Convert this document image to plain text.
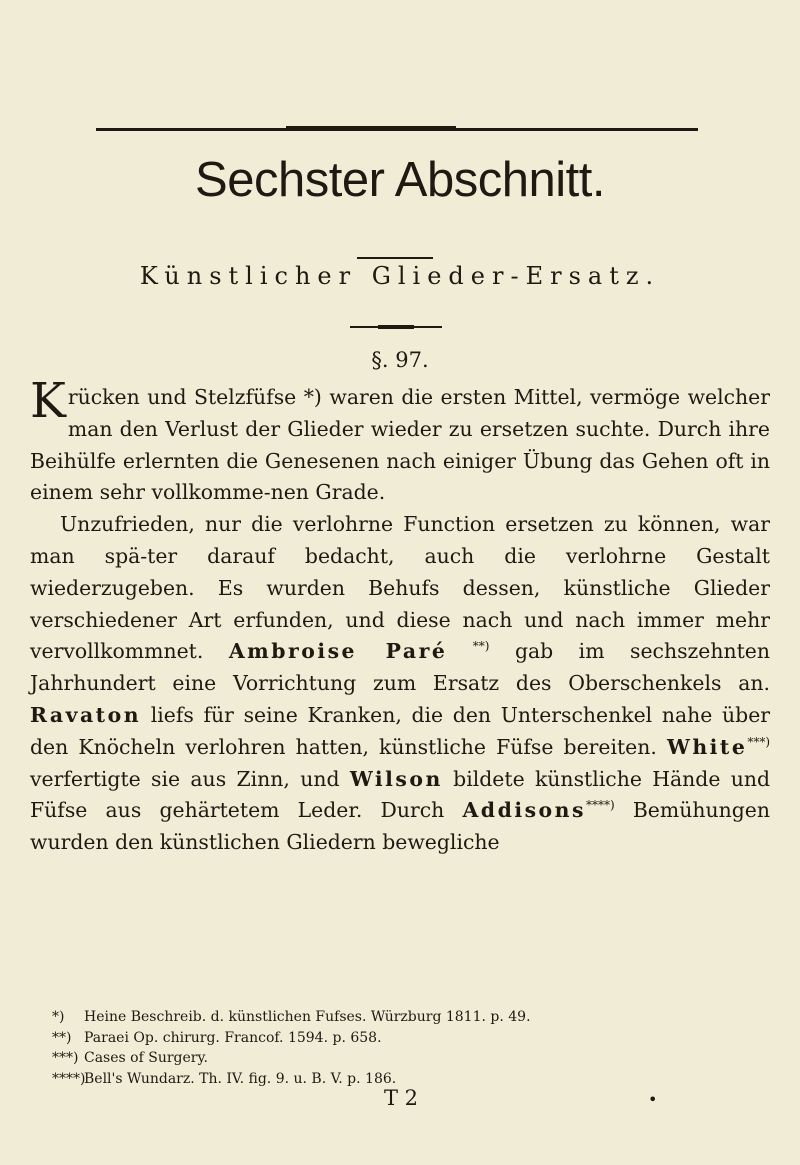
Sechster Abschnitt.
Künstlicher Glieder-Ersatz.
§. 97.

Krücken und Stelzfüfse *) waren die ersten Mittel, vermöge welcher man den Verlust der Glieder wieder zu ersetzen suchte. Durch ihre Beihülfe erlernten die Genesenen nach einiger Übung das Gehen oft in einem sehr vollkomme-nen Grade.

Unzufrieden, nur die verlohrne Function ersetzen zu können, war man spä-ter darauf bedacht, auch die verlohrne Gestalt wiederzugeben. Es wurden Behufs dessen, künstliche Glieder verschiedener Art erfunden, und diese nach und nach immer mehr vervollkommnet. Ambroise Paré **) gab im sechszehnten Jahrhundert eine Vorrichtung zum Ersatz des Oberschenkels an. Ravaton liefs für seine Kranken, die den Unterschenkel nahe über den Knöcheln verlohren hatten, künstliche Füfse bereiten. White***) verfertigte sie aus Zinn, und Wilson bildete künstliche Hände und Füfse aus gehärtetem Leder. Durch Addisons****) Bemühungen wurden den künstlichen Gliedern bewegliche

*) Heine Beschreib. d. künstlichen Fufses. Würzburg 1811. p. 49.
**) Paraei Op. chirurg. Francof. 1594. p. 658.
***) Cases of Surgery.
****)Bell's Wundarz. Th. IV. fig. 9. u. B. V. p. 186.
T 2	•
